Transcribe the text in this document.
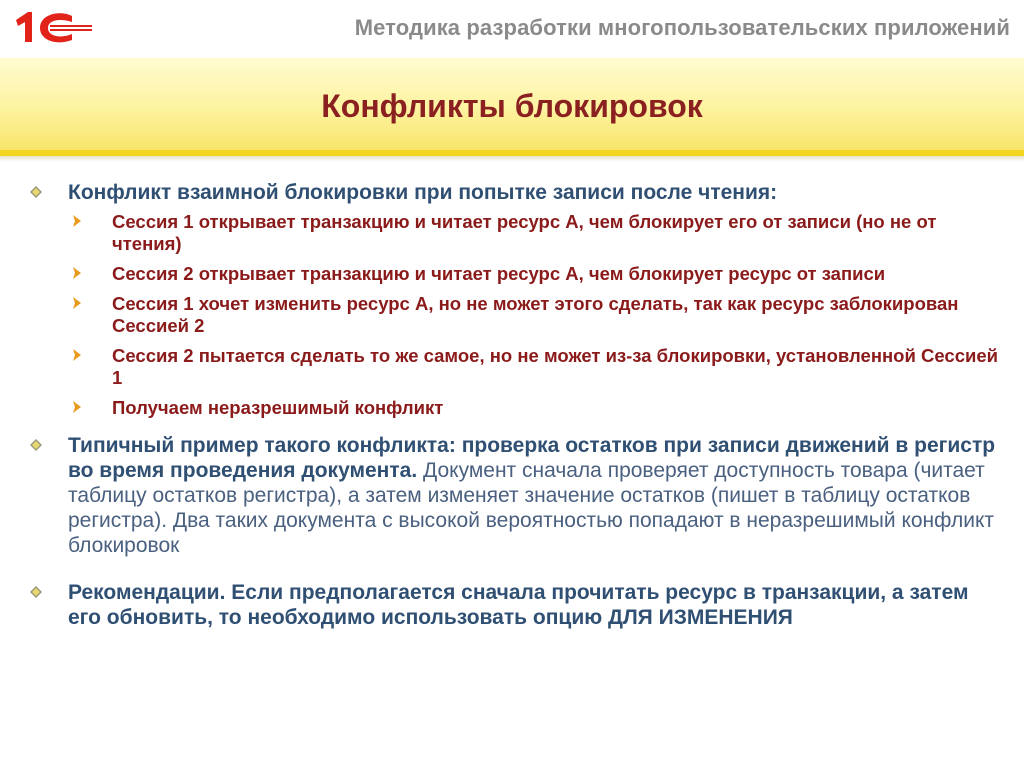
Методика разработки многопользовательских приложений
Конфликты блокировок
Конфликт взаимной блокировки при попытке записи после чтения:
Сессия 1 открывает транзакцию и читает ресурс А, чем блокирует его от записи (но не от чтения)
Сессия 2 открывает транзакцию и читает ресурс А, чем блокирует ресурс от записи
Сессия 1 хочет изменить ресурс А, но не может этого сделать, так как ресурс заблокирован Сессией 2
Сессия 2 пытается сделать то же самое, но не может из-за блокировки, установленной Сессией 1
Получаем неразрешимый конфликт
Типичный пример такого конфликта: проверка остатков при записи движений в регистр во время проведения документа. Документ сначала проверяет доступность товара (читает таблицу остатков регистра), а затем изменяет значение остатков (пишет в таблицу остатков регистра). Два таких документа с высокой вероятностью попадают в неразрешимый конфликт блокировок
Рекомендации. Если предполагается сначала прочитать ресурс в транзакции, а затем его обновить, то необходимо использовать опцию ДЛЯ ИЗМЕНЕНИЯ
